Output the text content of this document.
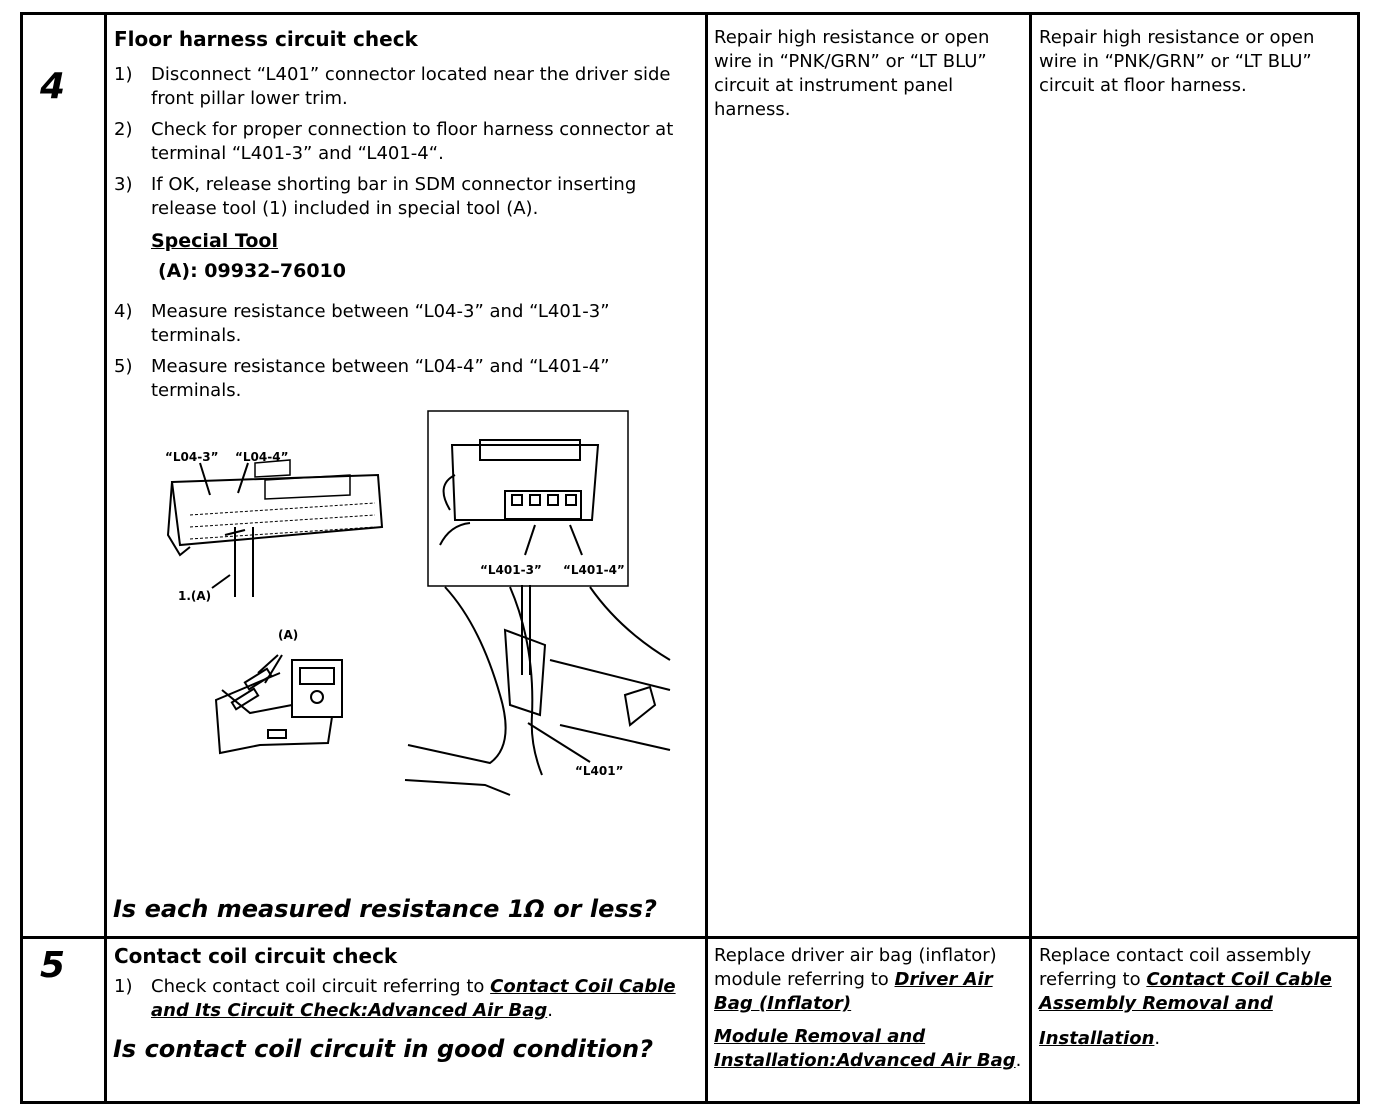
4
Floor harness circuit check
1) Disconnect “L401” connector located near the driver side front pillar lower trim.
2) Check for proper connection to floor harness connector at terminal “L401-3” and “L401-4“.
3) If OK, release shorting bar in SDM connector inserting release tool (1) included in special tool (A).
Special Tool
(A): 09932–76010
4) Measure resistance between “L04-3” and “L401-3” terminals.
5) Measure resistance between “L04-4” and “L401-4” terminals.
“L04-3” “L04-4”
1.(A)
(A)
“L401-3” “L401-4”
“L401”
Is each measured resistance 1Ω or less?
Repair high resistance or open wire in “PNK/GRN” or “LT BLU” circuit at instrument panel harness.
Repair high resistance or open wire in “PNK/GRN” or “LT BLU” circuit at floor harness.
5 Contact coil circuit check
1) Check contact coil circuit referring to Contact Coil Cable and Its Circuit Check:Advanced Air Bag.
Is contact coil circuit in good condition?
Replace driver air bag (inflator) module referring to Driver Air Bag (Inflator)
Module Removal and Installation:Advanced Air Bag.
Replace contact coil assembly referring to Contact Coil Cable Assembly Removal and
Installation.
